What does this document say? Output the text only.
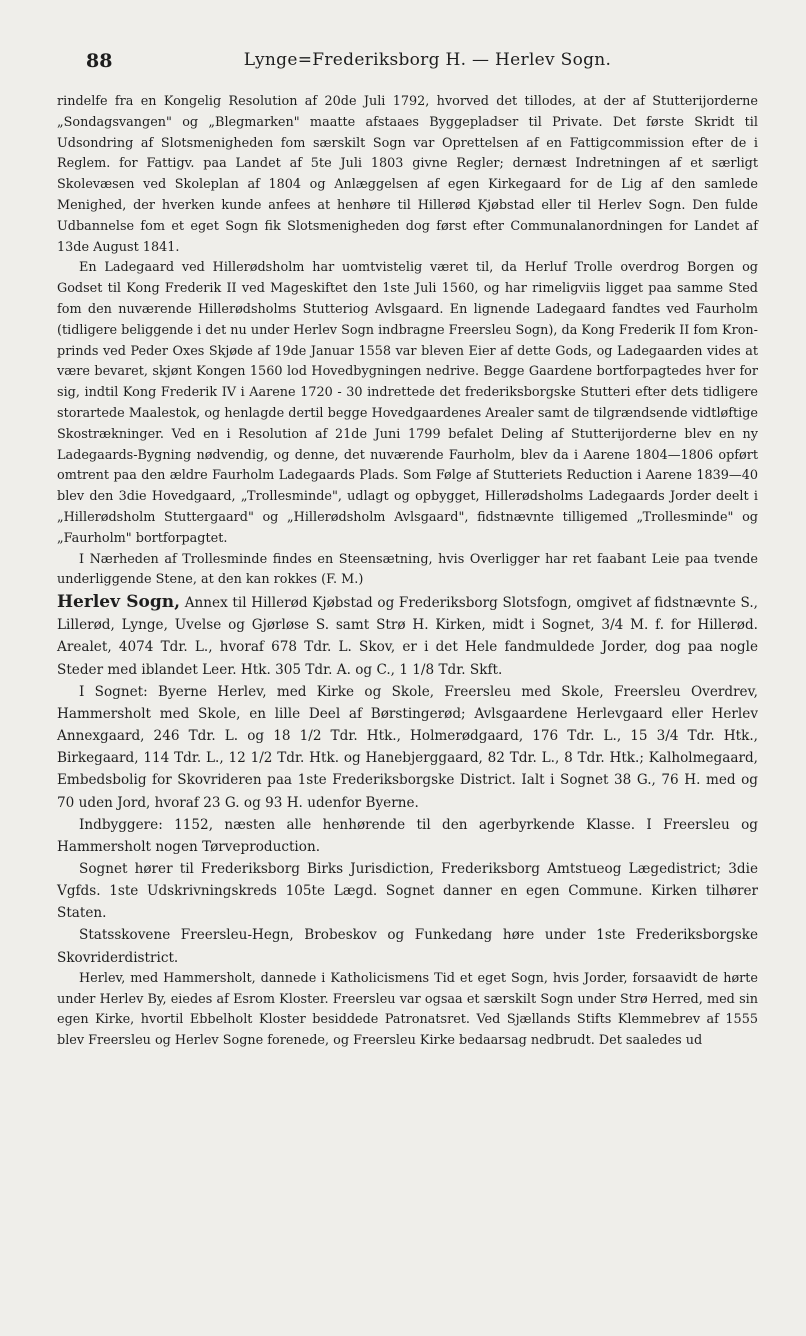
88	Lynge=Frederiksborg H. — Herlev Sogn.

rindelfe fra en Kongelig Resolution af 20de Juli 1792, hvorved det tillodes, at der af Stutterijorderne „Sondagsvangen" og „Blegmarken" maatte afstaaes Byggepladser til Private. Det første Skridt til Udsondring af Slotsmenigheden fom særskilt Sogn var Oprettelsen af en Fattigcommission efter de i Reglem. for Fattigv. paa Landet af 5te Juli 1803 givne Regler; dernæst Indretningen af et særligt Skolevæsen ved Skoleplan af 1804 og Anlæggelsen af egen Kirkegaard for de Lig af den samlede Menighed, der hverken kunde anfees at henhøre til Hillerød Kjøbstad eller til Herlev Sogn. Den fulde Udbannelse fom et eget Sogn fik Slotsmenigheden dog først efter Communalanordningen for Landet af 13de August 1841.

En Ladegaard ved Hillerødsholm har uomtvistelig været til, da Herluf Trolle overdrog Borgen og Godset til Kong Frederik II ved Mageskiftet den 1ste Juli 1560, og har rimeligviis ligget paa samme Sted fom den nuværende Hillerødsholms Stutteriog Avlsgaard. En lignende Ladegaard fandtes ved Faurholm (tidligere beliggende i det nu under Herlev Sogn indbragne Freersleu Sogn), da Kong Frederik II fom Kronprinds ved Peder Oxes Skjøde af 19de Januar 1558 var bleven Eier af dette Gods, og Ladegaarden vides at være bevaret, skjønt Kongen 1560 lod Hovedbygningen nedrive. Begge Gaardene bortforpagtedes hver for sig, indtil Kong Frederik IV i Aarene 1720 - 30 indrettede det frederiksborgske Stutteri efter dets tidligere storartede Maalestok, og henlagde dertil begge Hovedgaardenes Arealer samt de tilgrændsende vidtløftige Skostrækninger. Ved en i Resolution af 21de Juni 1799 befalet Deling af Stutterijorderne blev en ny Ladegaards-Bygning nødvendig, og denne, det nuværende Faurholm, blev da i Aarene 1804—1806 opført omtrent paa den ældre Faurholm Ladegaards Plads. Som Følge af Stutteriets Reduction i Aarene 1839—40 blev den 3die Hovedgaard, „Trollesminde", udlagt og opbygget, Hillerødsholms Ladegaards Jorder deelt i „Hillerødsholm Stuttergaard" og „Hillerødsholm Avlsgaard", fidstnævnte tilligemed „Trollesminde" og „Faurholm" bortforpagtet.

I Nærheden af Trollesminde findes en Steensætning, hvis Overligger har ret faabant Leie paa tvende underliggende Stene, at den kan rokkes (F. M.)

Herlev Sogn, Annex til Hillerød Kjøbstad og Frederiksborg Slotsfogn, omgivet af fidstnævnte S., Lillerød, Lynge, Uvelse og Gjørløse S. samt Strø H. Kirken, midt i Sognet, 3/4 M. f. for Hillerød. Arealet, 4074 Tdr. L., hvoraf 678 Tdr. L. Skov, er i det Hele fandmuldede Jorder, dog paa nogle Steder med iblandet Leer. Htk. 305 Tdr. A. og C., 1 1/8 Tdr. Skft.

I Sognet: Byerne Herlev, med Kirke og Skole, Freersleu med Skole, Freersleu Overdrev, Hammersholt med Skole, en lille Deel af Børstingerød; Avlsgaardene Herlevgaard eller Herlev Annexgaard, 246 Tdr. L. og 18 1/2 Tdr. Htk., Holmerødgaard, 176 Tdr. L., 15 3/4 Tdr. Htk., Birkegaard, 114 Tdr. L., 12 1/2 Tdr. Htk. og Hanebjerggaard, 82 Tdr. L., 8 Tdr. Htk.; Kalholmegaard, Embedsbolig for Skovrideren paa 1ste Frederiksborgske District. Ialt i Sognet 38 G., 76 H. med og 70 uden Jord, hvoraf 23 G. og 93 H. udenfor Byerne.

Indbyggere: 1152, næsten alle henhørende til den agerbyrkende Klasse. I Freersleu og Hammersholt nogen Tørveproduction.

Sognet hører til Frederiksborg Birks Jurisdiction, Frederiksborg Amtstueog Lægedistrict; 3die Vgfds. 1ste Udskrivningskreds 105te Lægd. Sognet danner en egen Commune. Kirken tilhører Staten.

Statsskovene Freersleu-Hegn, Brobeskov og Funkedang høre under 1ste Frederiksborgske Skovriderdistrict.

Herlev, med Hammersholt, dannede i Katholicismens Tid et eget Sogn, hvis Jorder, forsaavidt de hørte under Herlev By, eiedes af Esrom Kloster. Freersleu var ogsaa et særskilt Sogn under Strø Herred, med sin egen Kirke, hvortil Ebbelholt Kloster besiddede Patronatsret. Ved Sjællands Stifts Klemmebrev af 1555 blev Freersleu og Herlev Sogne forenede, og Freersleu Kirke bedaarsag nedbrudt. Det saaledes ud
